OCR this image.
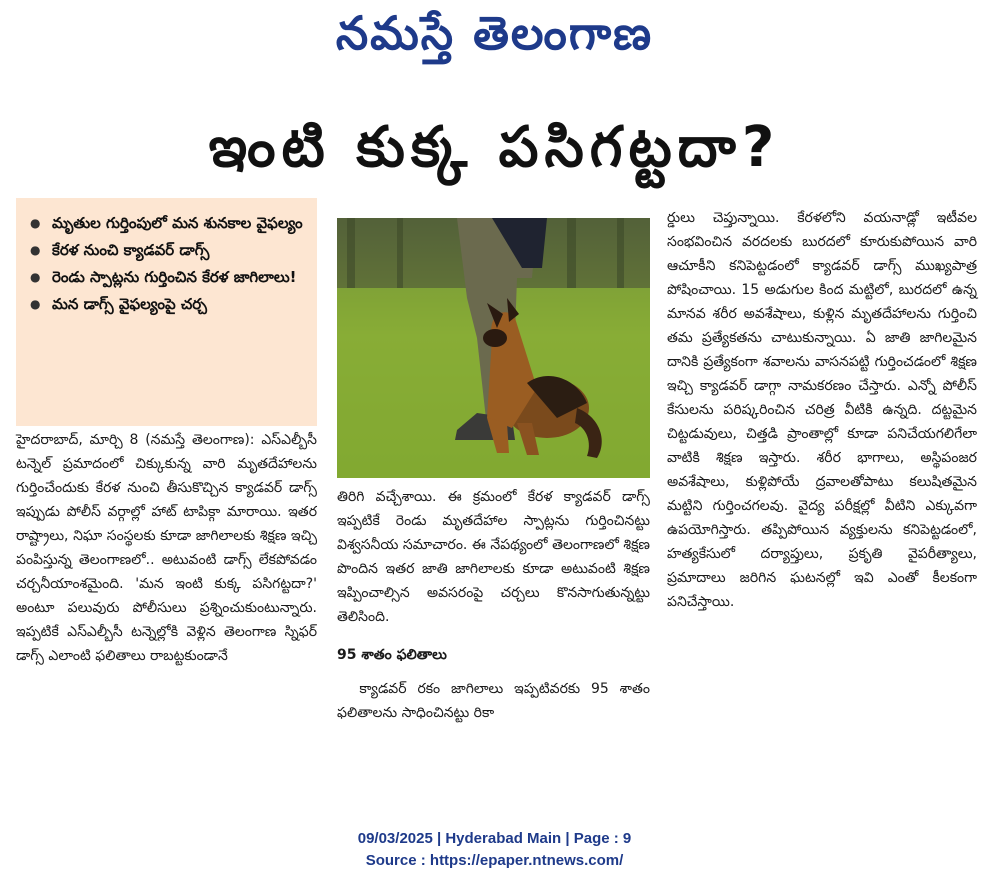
నమస్తే తెలంగాణ
ఇంటి కుక్క పసిగట్టదా?
● మృతుల గుర్తింపులో మన శునకాల వైఫల్యం
● కేరళ నుంచి క్యాడవర్ డాగ్స్
● రెండు స్పాట్లను గుర్తించిన కేరళ జాగిలాలు!
● మన డాగ్స్ వైఫల్యంపై చర్చ

హైదరాబాద్, మార్చి 8 (నమస్తే తెలంగాణ): ఎస్ఎల్బీసీ టన్నెల్ ప్రమాదంలో చిక్కుకున్న వారి మృతదేహాలను గుర్తించేందుకు కేరళ నుంచి తీసుకొచ్చిన క్యాడవర్ డాగ్స్ ఇప్పుడు పోలీస్ వర్గాల్లో హాట్ టాపిక్గా మారాయి. ఇతర రాష్ట్రాలు, నిఘా సంస్థలకు కూడా జాగిలాలకు శిక్షణ ఇచ్చి పంపిస్తున్న తెలంగాణలో.. అటువంటి డాగ్స్ లేకపోవడం చర్చనీయాంశమైంది. 'మన ఇంటి కుక్క పసిగట్టదా?' అంటూ పలువురు పోలీసులు ప్రశ్నించుకుంటున్నారు. ఇప్పటికే ఎస్ఎల్బీసీ టన్నెల్లోకి వెళ్లిన తెలంగాణ స్నిఫర్ డాగ్స్ ఎలాంటి ఫలితాలు రాబట్టకుండానే

తిరిగి వచ్చేశాయి. ఈ క్రమంలో కేరళ క్యాడవర్ డాగ్స్ ఇప్పటికే రెండు మృతదేహాల స్పాట్లను గుర్తించినట్టు విశ్వసనీయ సమాచారం. ఈ నేపథ్యంలో తెలంగాణలో శిక్షణ పొందిన ఇతర జాతి జాగిలాలకు కూడా అటువంటి శిక్షణ ఇప్పించాల్సిన అవసరంపై చర్చలు కొనసాగుతున్నట్టు తెలిసింది.

95 శాతం ఫలితాలు

క్యాడవర్ రకం జాగిలాలు ఇప్పటివరకు 95 శాతం ఫలితాలను సాధించినట్టు రికా

ర్డులు చెప్తున్నాయి. కేరళలోని వయనాడ్లో ఇటీవల సంభవించిన వరదలకు బురదలో కూరుకుపోయిన వారి ఆచూకీని కనిపెట్టడంలో క్యాడవర్ డాగ్స్ ముఖ్యపాత్ర పోషించాయి. 15 అడుగుల కింద మట్టిలో, బురదలో ఉన్న మానవ శరీర అవశేషాలు, కుళ్లిన మృతదేహాలను గుర్తించి తమ ప్రత్యేకతను చాటుకున్నాయి. ఏ జాతి జాగిలమైన దానికి ప్రత్యేకంగా శవాలను వాసనపట్టి గుర్తించడంలో శిక్షణ ఇచ్చి క్యాడవర్ డాగ్గా నామకరణం చేస్తారు. ఎన్నో పోలీస్ కేసులను పరిష్కరించిన చరిత్ర వీటికి ఉన్నది. దట్టమైన చిట్టడువులు, చిత్తడి ప్రాంతాల్లో కూడా పనిచేయగలిగేలా వాటికి శిక్షణ ఇస్తారు. శరీర భాగాలు, అస్థిపంజర అవశేషాలు, కుళ్లిపోయే ద్రవాలతోపాటు కలుషితమైన మట్టిని గుర్తించగలవు. వైద్య పరీక్షల్లో వీటిని ఎక్కువగా ఉపయోగిస్తారు. తప్పిపోయిన వ్యక్తులను కనిపెట్టడంలో, హత్యకేసులో దర్యాప్తులు, ప్రకృతి వైపరీత్యాలు, ప్రమాదాలు జరిగిన ఘటనల్లో ఇవి ఎంతో కీలకంగా పనిచేస్తాయి.

09/03/2025 | Hyderabad Main | Page : 9
Source : https://epaper.ntnews.com/
